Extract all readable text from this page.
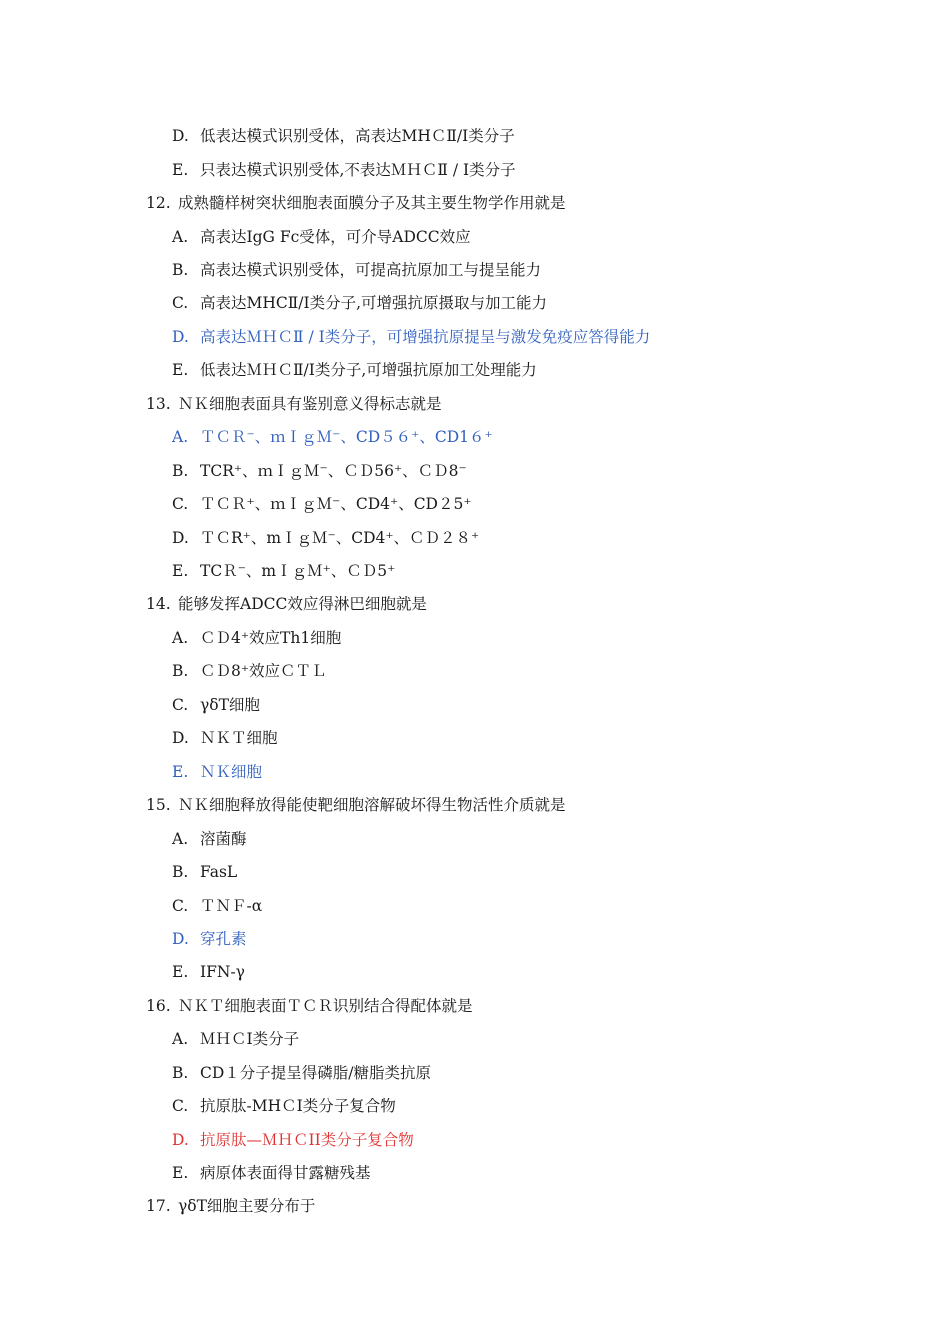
D. 低表达模式识别受体，高表达MHＣⅡ/Ⅰ类分子
E. 只表达模式识别受体,不表达ＭＨＣⅡ / Ⅰ类分子
12. 成熟髓样树突状细胞表面膜分子及其主要生物学作用就是
A. 高表达IgG Fc受体，可介导ADCC效应
B. 高表达模式识别受体，可提高抗原加工与提呈能力
C. 高表达MHCⅡ/Ⅰ类分子,可增强抗原摄取与加工能力
D. 高表达ＭＨＣⅡ / Ⅰ类分子，可增强抗原提呈与激发免疫应答得能力
E. 低表达ＭＨＣⅡ/Ⅰ类分子,可增强抗原加工处理能力
13. ＮＫ细胞表面具有鉴别意义得标志就是
A. ＴＣＲ⁻、ｍＩｇＭ⁻、CD５６⁺、CD1６⁺
B. TCR⁺、ｍＩｇＭ⁻、ＣＤ56⁺、ＣＤ8⁻
C. ＴＣＲ⁺、ｍＩｇＭ⁻、CD4⁺、CD２5⁺
D. ＴＣR⁺、mＩｇＭ⁻、CD4⁺、ＣＤ２８⁺
E. TCＲ⁻、mＩｇＭ⁺、ＣＤ5⁺
14. 能够发挥ADCC效应得淋巴细胞就是
A. ＣＤ4⁺效应Th1细胞
B. ＣＤ8⁺效应ＣＴＬ
C. γδT细胞
D. ＮＫＴ细胞
E. ＮＫ细胞
15. ＮＫ细胞释放得能使靶细胞溶解破坏得生物活性介质就是
A. 溶菌酶
B. FasL
C. ＴＮＦ-α
D. 穿孔素
E. IFN-γ
16. ＮＫＴ细胞表面ＴＣＲ识别结合得配体就是
A. ＭＨＣⅠ类分子
B. CD１分子提呈得磷脂/糖脂类抗原
C. 抗原肽-MHＣⅠ类分子复合物
D. 抗原肽—ＭＨＣII类分子复合物
E. 病原体表面得甘露糖残基
17. γδT细胞主要分布于
